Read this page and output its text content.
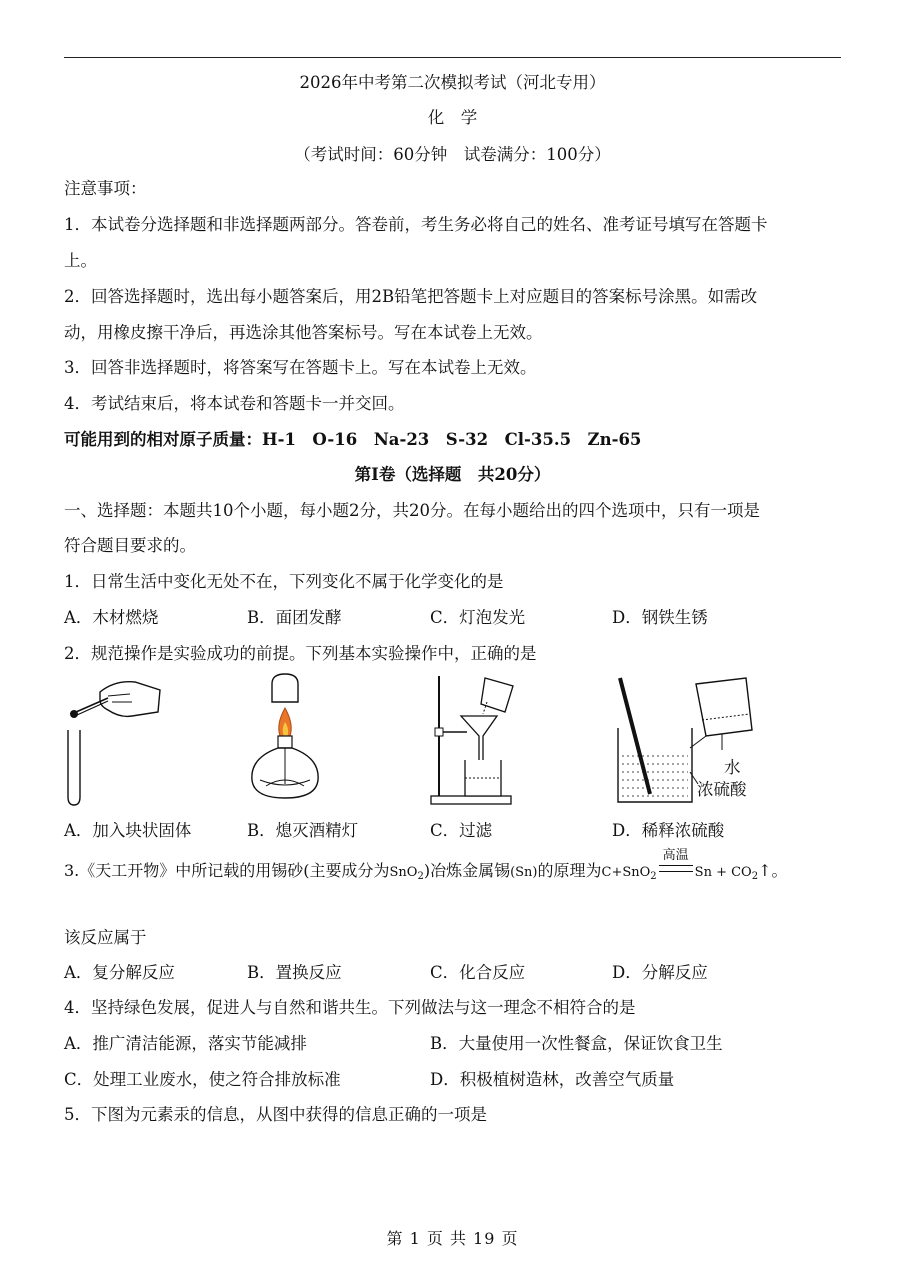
2026年中考第二次模拟考试（河北专用）
化　学
（考试时间：60分钟　试卷满分：100分）
注意事项：
1．本试卷分选择题和非选择题两部分。答卷前，考生务必将自己的姓名、准考证号填写在答题卡
上。
2．回答选择题时，选出每小题答案后，用2B铅笔把答题卡上对应题目的答案标号涂黑。如需改
动，用橡皮擦干净后，再选涂其他答案标号。写在本试卷上无效。
3．回答非选择题时，将答案写在答题卡上。写在本试卷上无效。
4．考试结束后，将本试卷和答题卡一并交回。
可能用到的相对原子质量：H-1　O-16　Na-23　S-32　Cl-35.5　Zn-65
第Ⅰ卷（选择题　共20分）
一、选择题：本题共10个小题，每小题2分，共20分。在每小题给出的四个选项中，只有一项是
符合题目要求的。
1．日常生活中变化无处不在，下列变化不属于化学变化的是
A．木材燃烧	B．面团发酵	C．灯泡发光	D．钢铁生锈
2．规范操作是实验成功的前提。下列基本实验操作中，正确的是
水
浓硫酸
A．加入块状固体	B．熄灭酒精灯	C．过滤	D．稀释浓硫酸
3.《天工开物》中所记载的用锡砂(主要成分为SnO$_2$)冶炼金属锡(Sn)的原理为C+SnO$_2$
高温
$Sn + CO_2↑$。
该反应属于
A．复分解反应	B．置换反应	C．化合反应	D．分解反应
4．坚持绿色发展，促进人与自然和谐共生。下列做法与这一理念不相符合的是
A．推广清洁能源，落实节能减排	B．大量使用一次性餐盒，保证饮食卫生
C．处理工业废水，使之符合排放标准	D．积极植树造林，改善空气质量
5．下图为元素汞的信息，从图中获得的信息正确的一项是
第 1 页 共 19 页
